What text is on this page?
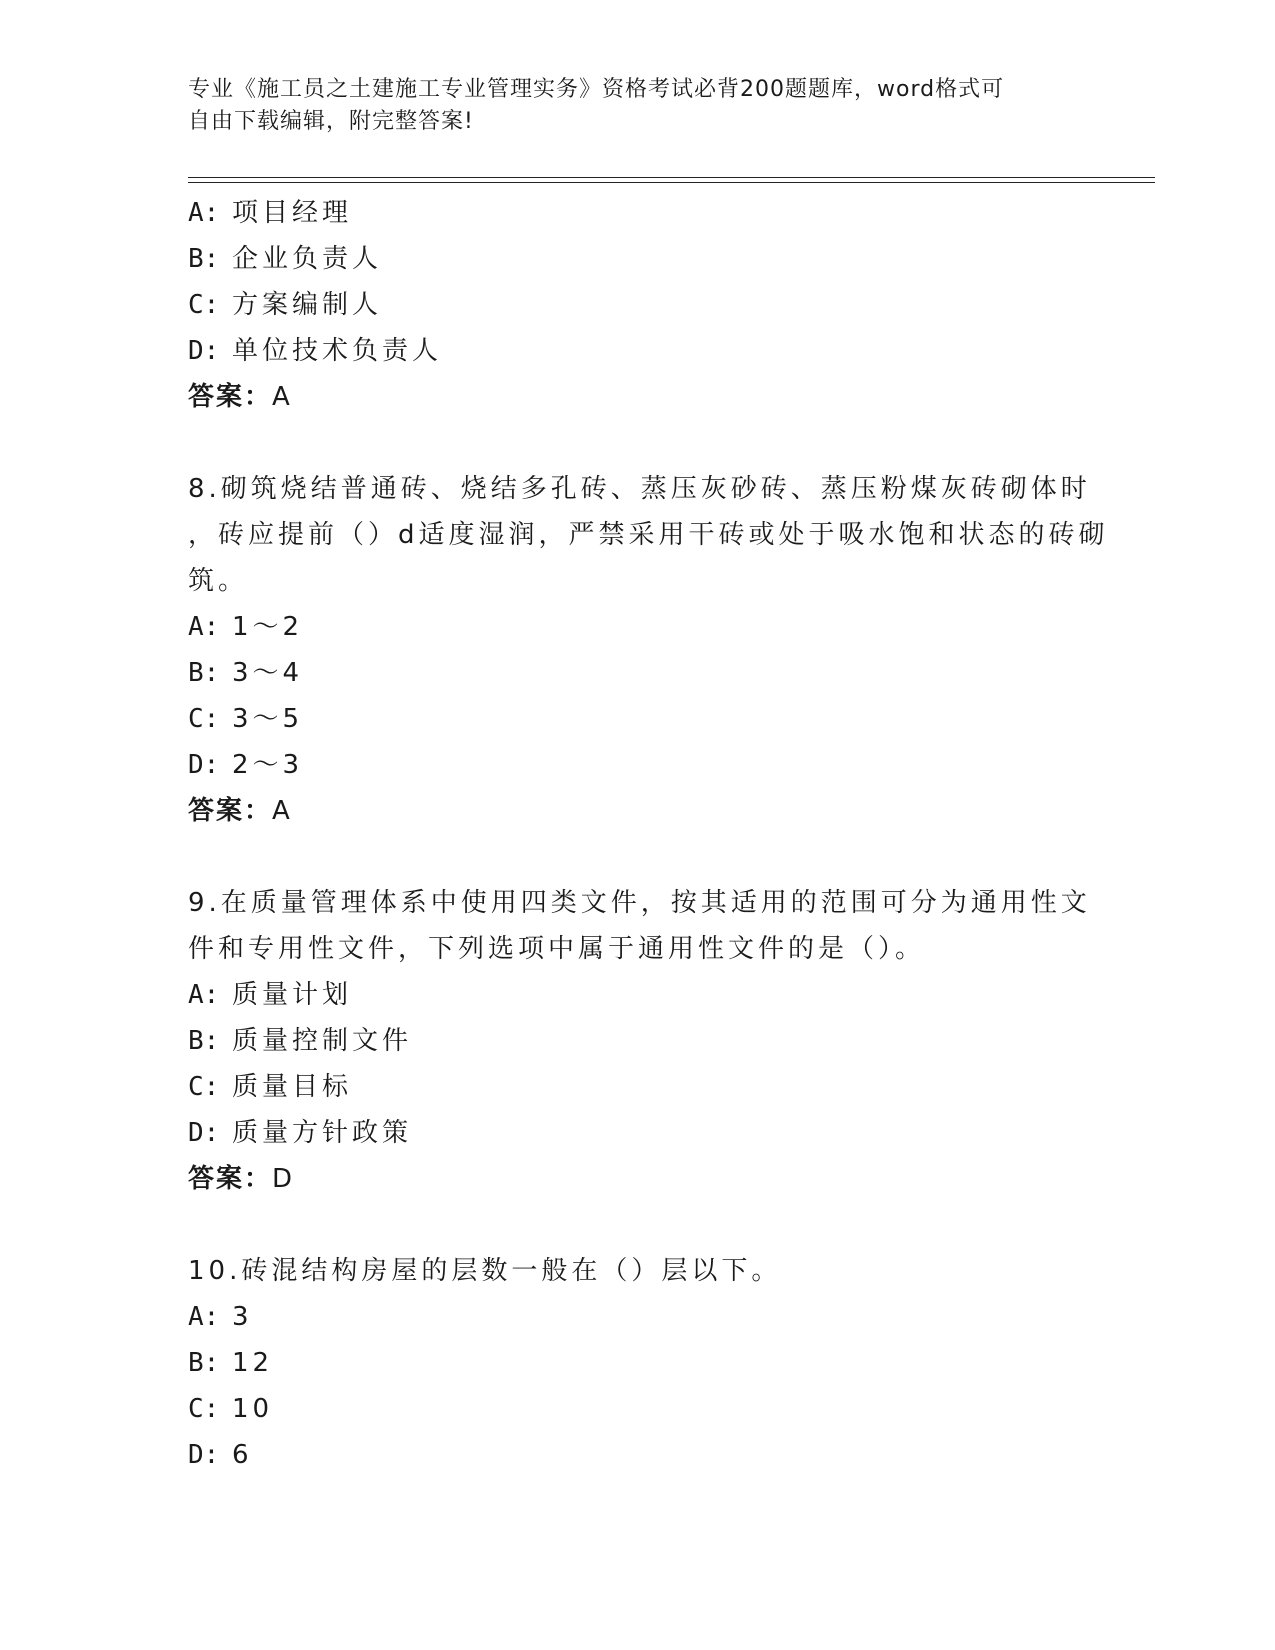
专业《施工员之土建施工专业管理实务》资格考试必背200题题库，word格式可
自由下载编辑，附完整答案!
A: 项目经理
B: 企业负责人
C: 方案编制人
D: 单位技术负责人
答案：A
8.砌筑烧结普通砖、烧结多孔砖、蒸压灰砂砖、蒸压粉煤灰砖砌体时
，砖应提前（）d适度湿润，严禁采用干砖或处于吸水饱和状态的砖砌
筑。
A: 1～2
B: 3～4
C: 3～5
D: 2～3
答案：A
9.在质量管理体系中使用四类文件，按其适用的范围可分为通用性文
件和专用性文件，下列选项中属于通用性文件的是（）。
A: 质量计划
B: 质量控制文件
C: 质量目标
D: 质量方针政策
答案：D
10.砖混结构房屋的层数一般在（）层以下。
A: 3
B: 12
C: 10
D: 6
